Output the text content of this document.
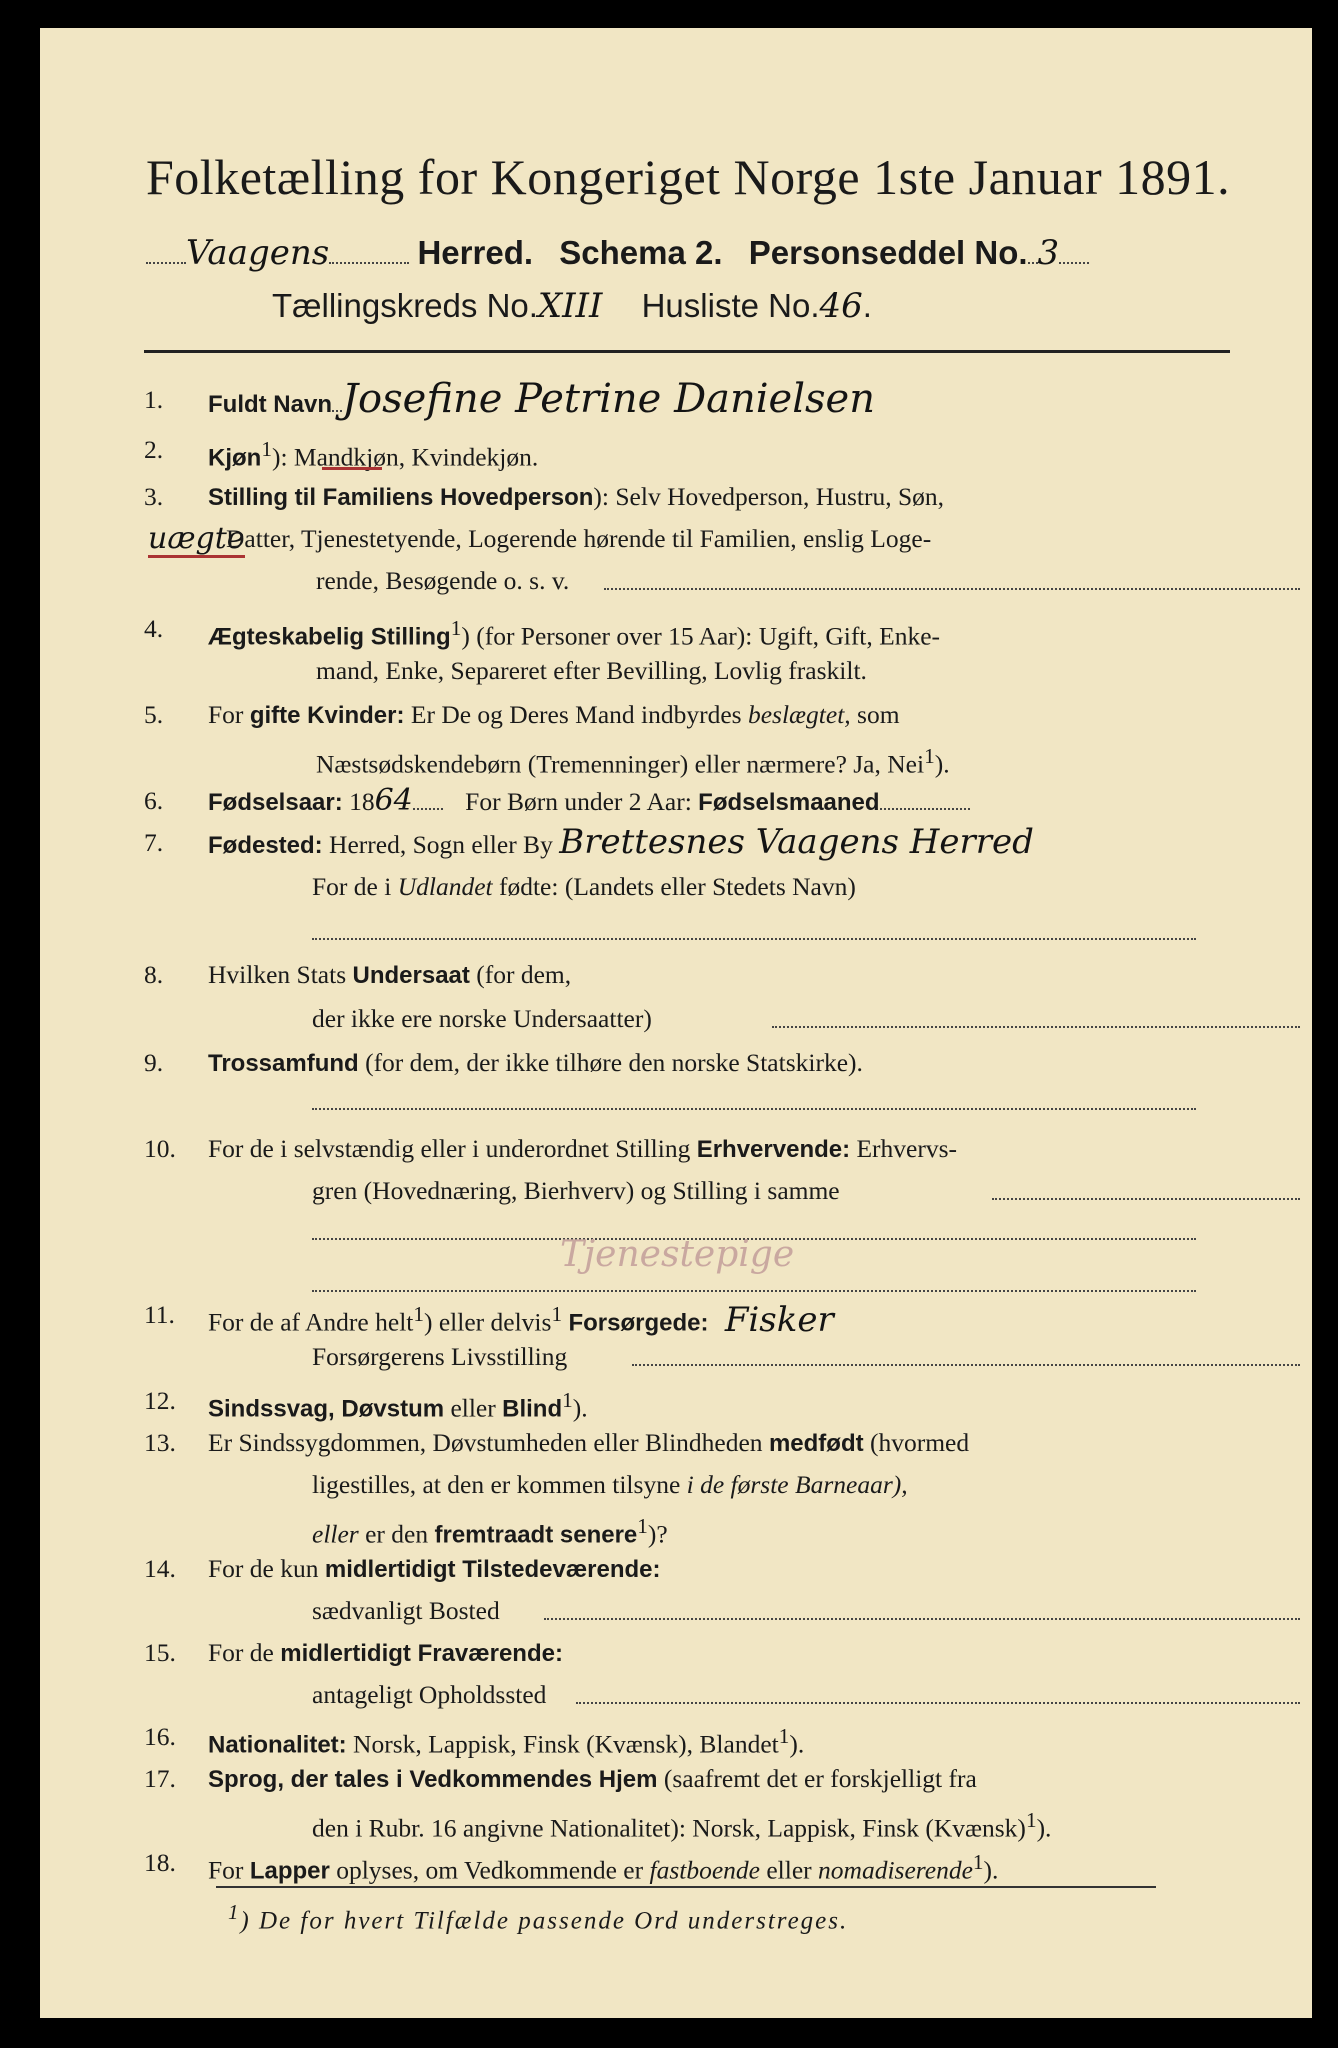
Folketælling for Kongeriget Norge 1ste Januar 1891.
Vaagens	Herred. Schema 2. Personseddel No. 3
Tællingskreds No.XIII Husliste No.46.
1.	Fuldt Navn Josefine Petrine Danielsen
2.	Kjøn$^1$): Mandkjøn, Kvindekjøn.
3.	Stilling til Familiens Hovedperson): Selv Hovedperson, Hustru, Søn,
uægte
Datter, Tjenestetyende, Logerende hørende til Familien, enslig Loge-
rende, Besøgende o. s. v.
4.	Ægteskabelig Stilling$^1$) (for Personer over 15 Aar): Ugift, Gift, Enke-
mand, Enke, Separeret efter Bevilling, Lovlig fraskilt.
5.	For gifte Kvinder: Er De og Deres Mand indbyrdes beslægtet, som
Næstsødskendebørn (Tremenninger) eller nærmere? Ja, Nei$^1$).
6.	Fødselsaar: 1864 For Børn under 2 Aar: Fødselsmaaned
7.	Fødested: Herred, Sogn eller By Brettesnes Vaagens Herred
For de i Udlandet fødte: (Landets eller Stedets Navn)
8.	Hvilken Stats Undersaat (for dem,
der ikke ere norske Undersaatter)
9.	Trossamfund (for dem, der ikke tilhøre den norske Statskirke).
10.	For de i selvstændig eller i underordnet Stilling Erhvervende: Erhvervs-
gren (Hovednæring, Bierhverv) og Stilling i samme
Tjenestepige
11.	For de af Andre helt$^1$) eller delvis$^1$ Forsørgede: Fisker
Forsørgerens Livsstilling
12.	Sindssvag, Døvstum eller Blind$^1$).
13.	Er Sindssygdommen, Døvstumheden eller Blindheden medfødt (hvormed
ligestilles, at den er kommen tilsyne i de første Barneaar),
eller er den fremtraadt senere$^1$)?
14.	For de kun midlertidigt Tilstedeværende:
sædvanligt Bosted
15.	For de midlertidigt Fraværende:
antageligt Opholdssted
16.	Nationalitet: Norsk, Lappisk, Finsk (Kvænsk), Blandet$^1$).
17.	Sprog, der tales i Vedkommendes Hjem (saafremt det er forskjelligt fra
den i Rubr. 16 angivne Nationalitet): Norsk, Lappisk, Finsk (Kvænsk)$^1$).
18.	For Lapper oplyses, om Vedkommende er fastboende eller nomadiserende$^1$).
$^1$) De for hvert Tilfælde passende Ord understreges.
